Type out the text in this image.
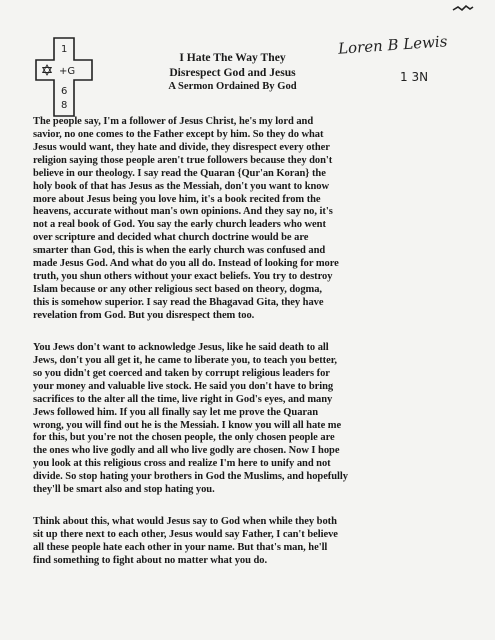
1
+G
6
8
I Hate The Way They
Disrespect God and Jesus
A Sermon Ordained By God
Loren B Lewis
1 3N
The people say, I'm a follower of Jesus Christ, he's my lord and
savior, no one comes to the Father except by him. So they do what
Jesus would want, they hate and divide, they disrespect every other
religion saying those people aren't true followers because they don't
believe in our theology. I say read the Quaran {Qur'an Koran} the
holy book of that has Jesus as the Messiah, don't you want to know
more about Jesus being you love him, it's a book recited from the
heavens, accurate without man's own opinions. And they say no, it's
not a real book of God. You say the early church leaders who went
over scripture and decided what church doctrine would be are
smarter than God, this is when the early church was confused and
made Jesus God. And what do you all do. Instead of looking for more
truth, you shun others without your exact beliefs. You try to destroy
Islam because or any other religious sect based on theory, dogma,
this is somehow superior. I say read the Bhagavad Gita, they have
revelation from God. But you disrespect them too.
You Jews don't want to acknowledge Jesus, like he said death to all
Jews, don't you all get it, he came to liberate you, to teach you better,
so you didn't get coerced and taken by corrupt religious leaders for
your money and valuable live stock. He said you don't have to bring
sacrifices to the alter all the time, live right in God's eyes, and many
Jews followed him. If you all finally say let me prove the Quaran
wrong, you will find out he is the Messiah. I know you will all hate me
for this, but you're not the chosen people, the only chosen people are
the ones who live godly and all who live godly are chosen. Now I hope
you look at this religious cross and realize I'm here to unify and not
divide. So stop hating your brothers in God the Muslims, and hopefully
they'll be smart also and stop hating you.
Think about this, what would Jesus say to God when while they both
sit up there next to each other, Jesus would say Father, I can't believe
all these people hate each other in your name. But that's man, he'll
find something to fight about no matter what you do.
